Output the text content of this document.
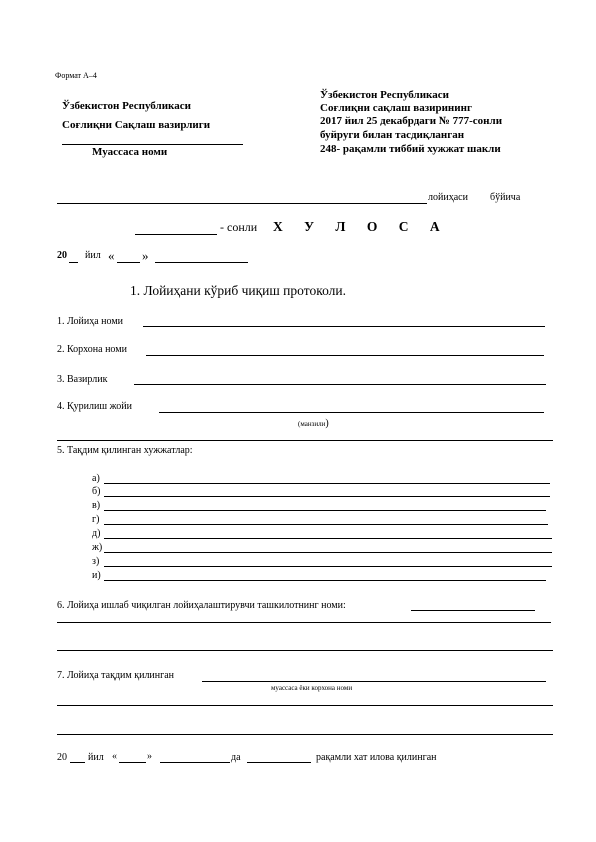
Формат А–4
Ўзбекистон Республикаси
Соғлиқни Сақлаш вазирлиги
Муассаса номи
Ўзбекистон Республикаси
Соғлиқни сақлаш вазирининг
2017 йил 25 декабрдаги № 777-сонли
буйруги билан тасдиқланган
248- рақамли тиббий хужжат шакли
лойиҳаси бўйича
- сонли Х У Л О С А
20 йил « »
1. Лойиҳани кўриб чиқиш протоколи.
1. Лойиҳа номи
2. Корхона номи
3. Вазирлик
4. Қурилиш жойи
(манзили)
5. Тақдим қилинган хужжатлар:
а)
б)
в)
г)
д)
ж)
з)
и)
6. Лойиҳа ишлаб чиқилган лойиҳалаштирувчи ташкилотнинг номи:
7. Лойиҳа тақдим қилинган
муассаса ёки корхона номи
20 йил «	»	да	рақамли хат илова қилинган
